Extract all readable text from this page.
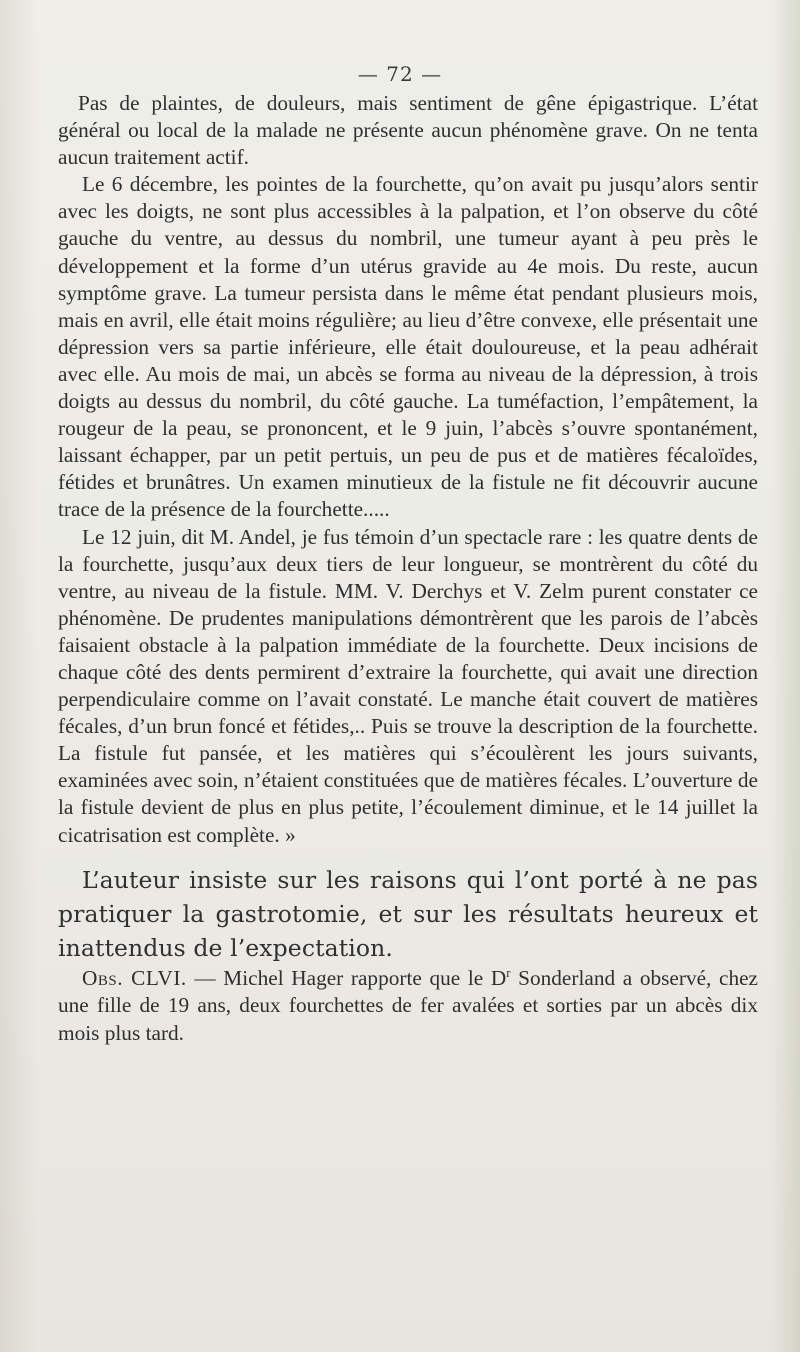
— 72 —

Pas de plaintes, de douleurs, mais sentiment de gêne épigastrique. L’état général ou local de la malade ne présente aucun phénomène grave. On ne tenta aucun traitement actif.

Le 6 décembre, les pointes de la fourchette, qu’on avait pu jusqu’alors sentir avec les doigts, ne sont plus accessibles à la palpation, et l’on observe du côté gauche du ventre, au dessus du nombril, une tumeur ayant à peu près le développement et la forme d’un utérus gravide au 4e mois. Du reste, aucun symptôme grave. La tumeur persista dans le même état pendant plusieurs mois, mais en avril, elle était moins régulière; au lieu d’être convexe, elle présentait une dépression vers sa partie inférieure, elle était douloureuse, et la peau adhérait avec elle. Au mois de mai, un abcès se forma au niveau de la dépression, à trois doigts au dessus du nombril, du côté gauche. La tuméfaction, l’empâtement, la rougeur de la peau, se prononcent, et le 9 juin, l’abcès s’ouvre spontanément, laissant échapper, par un petit pertuis, un peu de pus et de matières fécaloïdes, fétides et brunâtres. Un examen minutieux de la fistule ne fit découvrir aucune trace de la présence de la fourchette.....

Le 12 juin, dit M. Andel, je fus témoin d’un spectacle rare : les quatre dents de la fourchette, jusqu’aux deux tiers de leur longueur, se montrèrent du côté du ventre, au niveau de la fistule. MM. V. Derchys et V. Zelm purent constater ce phénomène. De prudentes manipulations démontrèrent que les parois de l’abcès faisaient obstacle à la palpation immédiate de la fourchette. Deux incisions de chaque côté des dents permirent d’extraire la fourchette, qui avait une direction perpendiculaire comme on l’avait constaté. Le manche était couvert de matières fécales, d’un brun foncé et fétides,.. Puis se trouve la description de la fourchette. La fistule fut pansée, et les matières qui s’écoulèrent les jours suivants, examinées avec soin, n’étaient constituées que de matières fécales. L’ouverture de la fistule devient de plus en plus petite, l’écoulement diminue, et le 14 juillet la cicatrisation est complète. »

L’auteur insiste sur les raisons qui l’ont porté à ne pas pratiquer la gastrotomie, et sur les résultats heureux et inattendus de l’expectation.

Obs. CLVI. — Michel Hager rapporte que le $D^r$ Sonderland a observé, chez une fille de 19 ans, deux fourchettes de fer avalées et sorties par un abcès dix mois plus tard.
